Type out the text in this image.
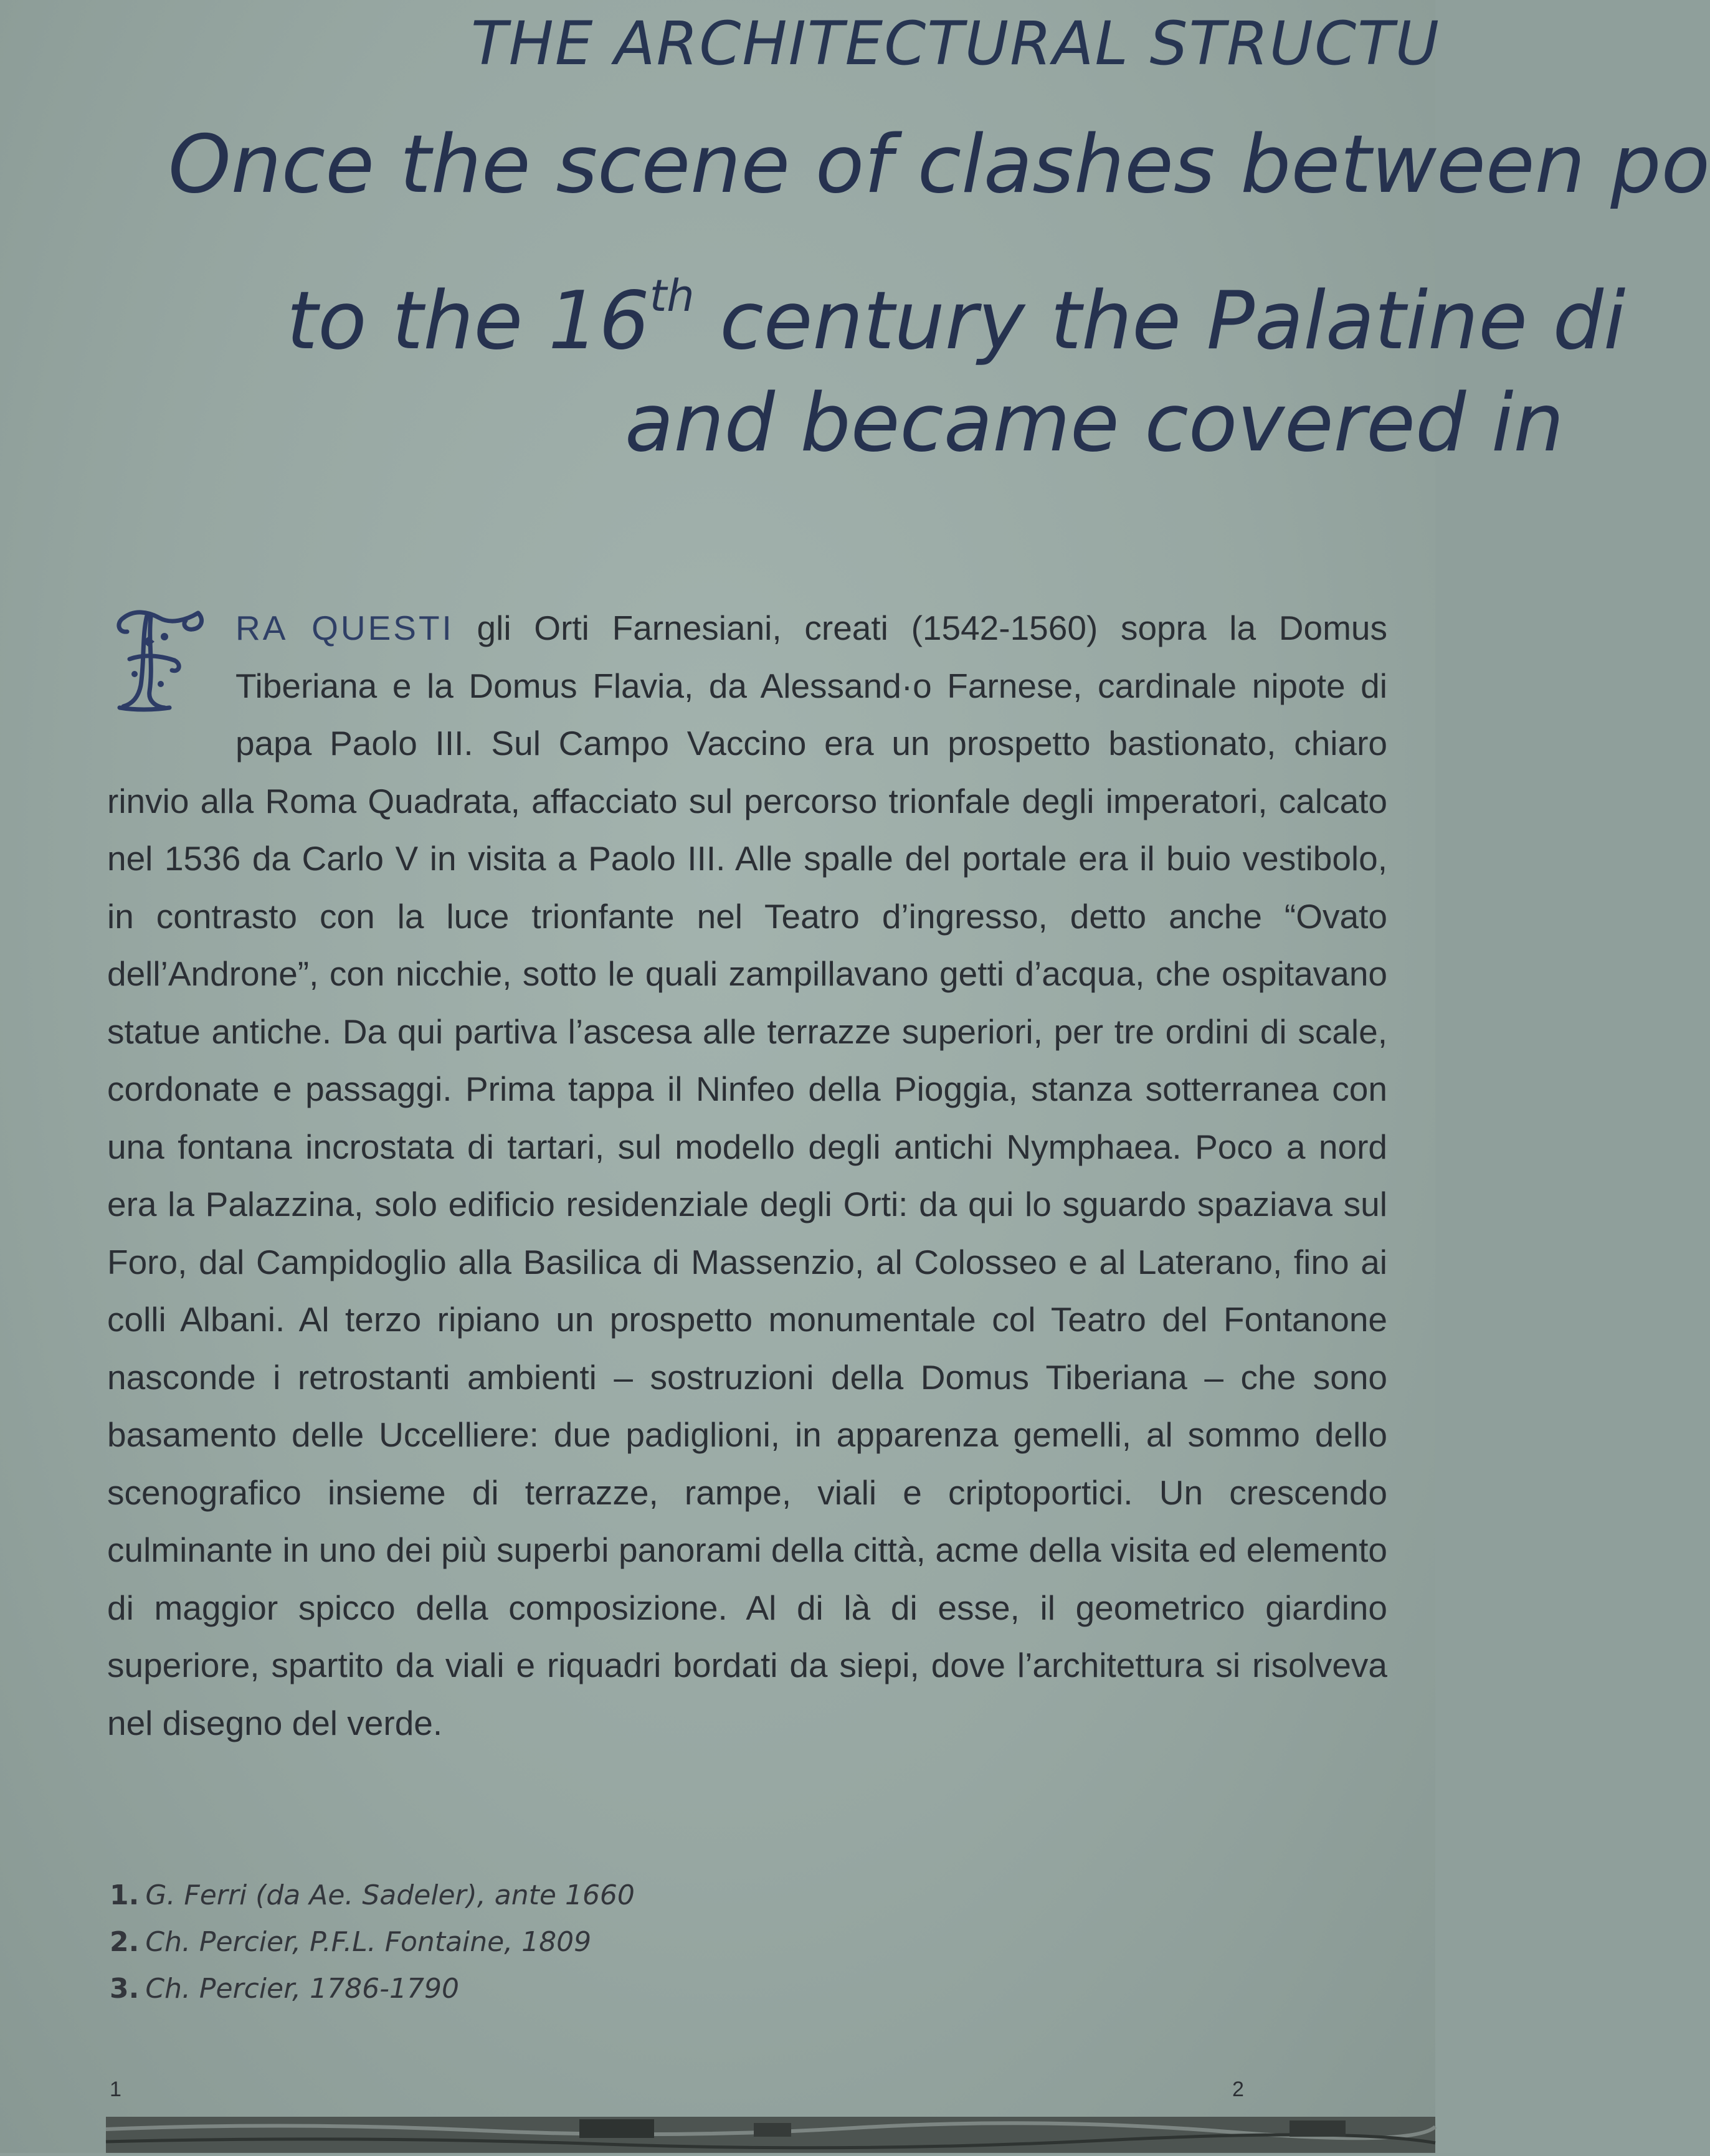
THE ARCHITECTURAL STRUCTU
Once the scene of clashes between po
to the 16th century the Palatine di
and became covered in
RA QUESTI gli Orti Farnesiani, creati (1542-1560) sopra la Domus Tiberiana e la Domus Flavia, da Alessand·o Farnese, cardinale nipote di papa Paolo III. Sul Campo Vaccino era un prospetto bastionato, chiaro rinvio alla Roma Quadrata, affacciato sul percorso trionfale degli imperatori, calcato nel 1536 da Carlo V in visita a Paolo III. Alle spalle del portale era il buio vestibolo, in contrasto con la luce trionfante nel Teatro d’ingresso, detto anche “Ovato dell’Androne”, con nicchie, sotto le quali zampillavano getti d’acqua, che ospitavano statue antiche. Da qui partiva l’ascesa alle terrazze superiori, per tre ordini di scale, cordonate e passaggi. Prima tappa il Ninfeo della Pioggia, stanza sotterranea con una fontana incrostata di tartari, sul modello degli antichi Nymphaea. Poco a nord era la Palazzina, solo edificio residenziale degli Orti: da qui lo sguardo spaziava sul Foro, dal Campidoglio alla Basilica di Massenzio, al Colosseo e al Laterano, fino ai colli Albani. Al terzo ripiano un prospetto monumentale col Teatro del Fontanone nasconde i retrostanti ambienti – sostruzioni della Domus Tiberiana – che sono basamento delle Uccelliere: due padiglioni, in apparenza gemelli, al sommo dello scenografico insieme di terrazze, rampe, viali e criptoportici. Un crescendo culminante in uno dei più superbi panorami della città, acme della visita ed elemento di maggior spicco della composizione. Al di là di esse, il geometrico giardino superiore, spartito da viali e riquadri bordati da siepi, dove l’architettura si risolveva nel disegno del verde.
1. G. Ferri (da Ae. Sadeler), ante 1660
2. Ch. Percier, P.F.L. Fontaine, 1809
3. Ch. Percier, 1786-1790
1	2
